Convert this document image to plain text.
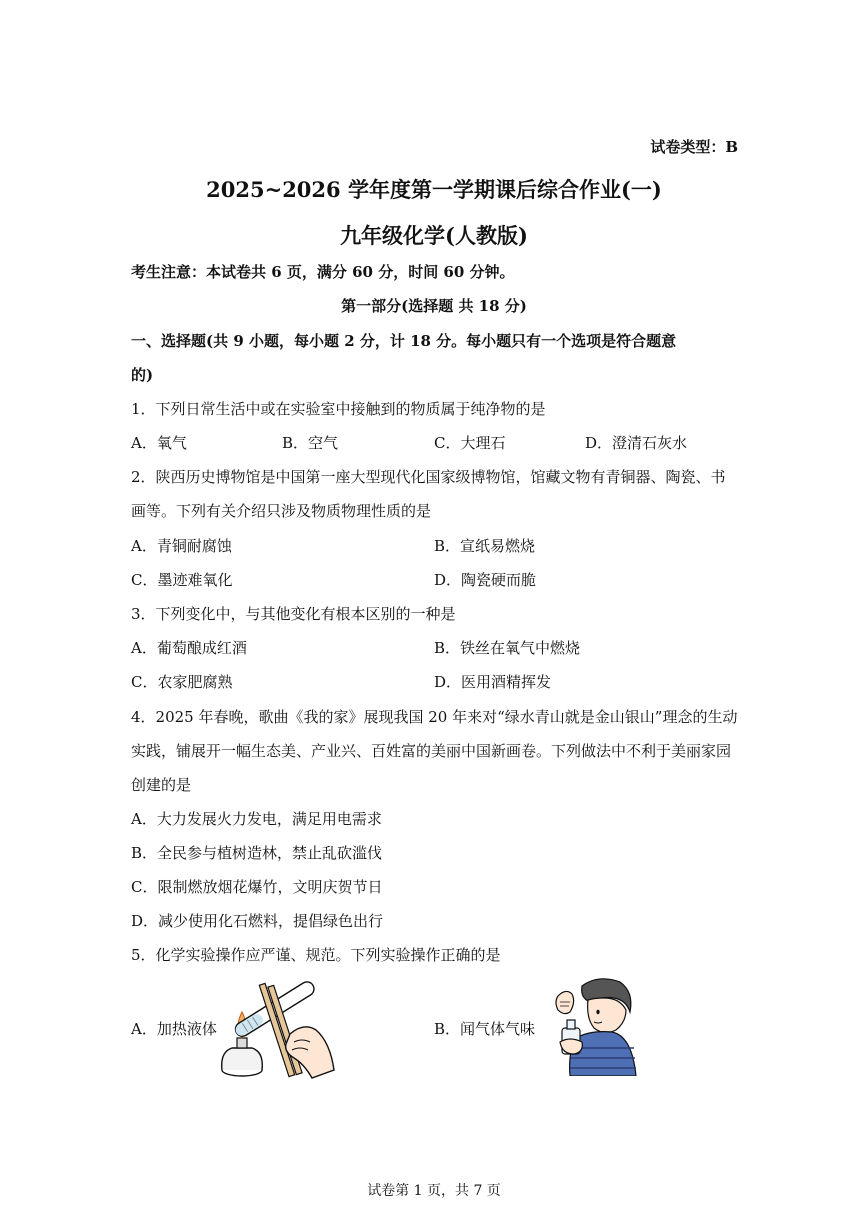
试卷类型：B
2025~2026 学年度第一学期课后综合作业(一)
九年级化学(人教版)
考生注意：本试卷共 6 页，满分 60 分，时间 60 分钟。
第一部分(选择题 共 18 分)
一、选择题(共 9 小题，每小题 2 分，计 18 分。每小题只有一个选项是符合题意
的)
1．下列日常生活中或在实验室中接触到的物质属于纯净物的是
A．氧气	B．空气	C．大理石	D．澄清石灰水
2．陕西历史博物馆是中国第一座大型现代化国家级博物馆，馆藏文物有青铜器、陶瓷、书
画等。下列有关介绍只涉及物质物理性质的是
A．青铜耐腐蚀	B．宣纸易燃烧
C．墨迹难氧化	D．陶瓷硬而脆
3．下列变化中，与其他变化有根本区别的一种是
A．葡萄酿成红酒	B．铁丝在氧气中燃烧
C．农家肥腐熟	D．医用酒精挥发
4．2025 年春晚，歌曲《我的家》展现我国 20 年来对“绿水青山就是金山银山”理念的生动
实践，铺展开一幅生态美、产业兴、百姓富的美丽中国新画卷。下列做法中不利于美丽家园
创建的是
A．大力发展火力发电，满足用电需求
B．全民参与植树造林，禁止乱砍滥伐
C．限制燃放烟花爆竹，文明庆贺节日
D．减少使用化石燃料，提倡绿色出行
5．化学实验操作应严谨、规范。下列实验操作正确的是
A．加热液体	B．闻气体气味
试卷第 1 页，共 7 页
